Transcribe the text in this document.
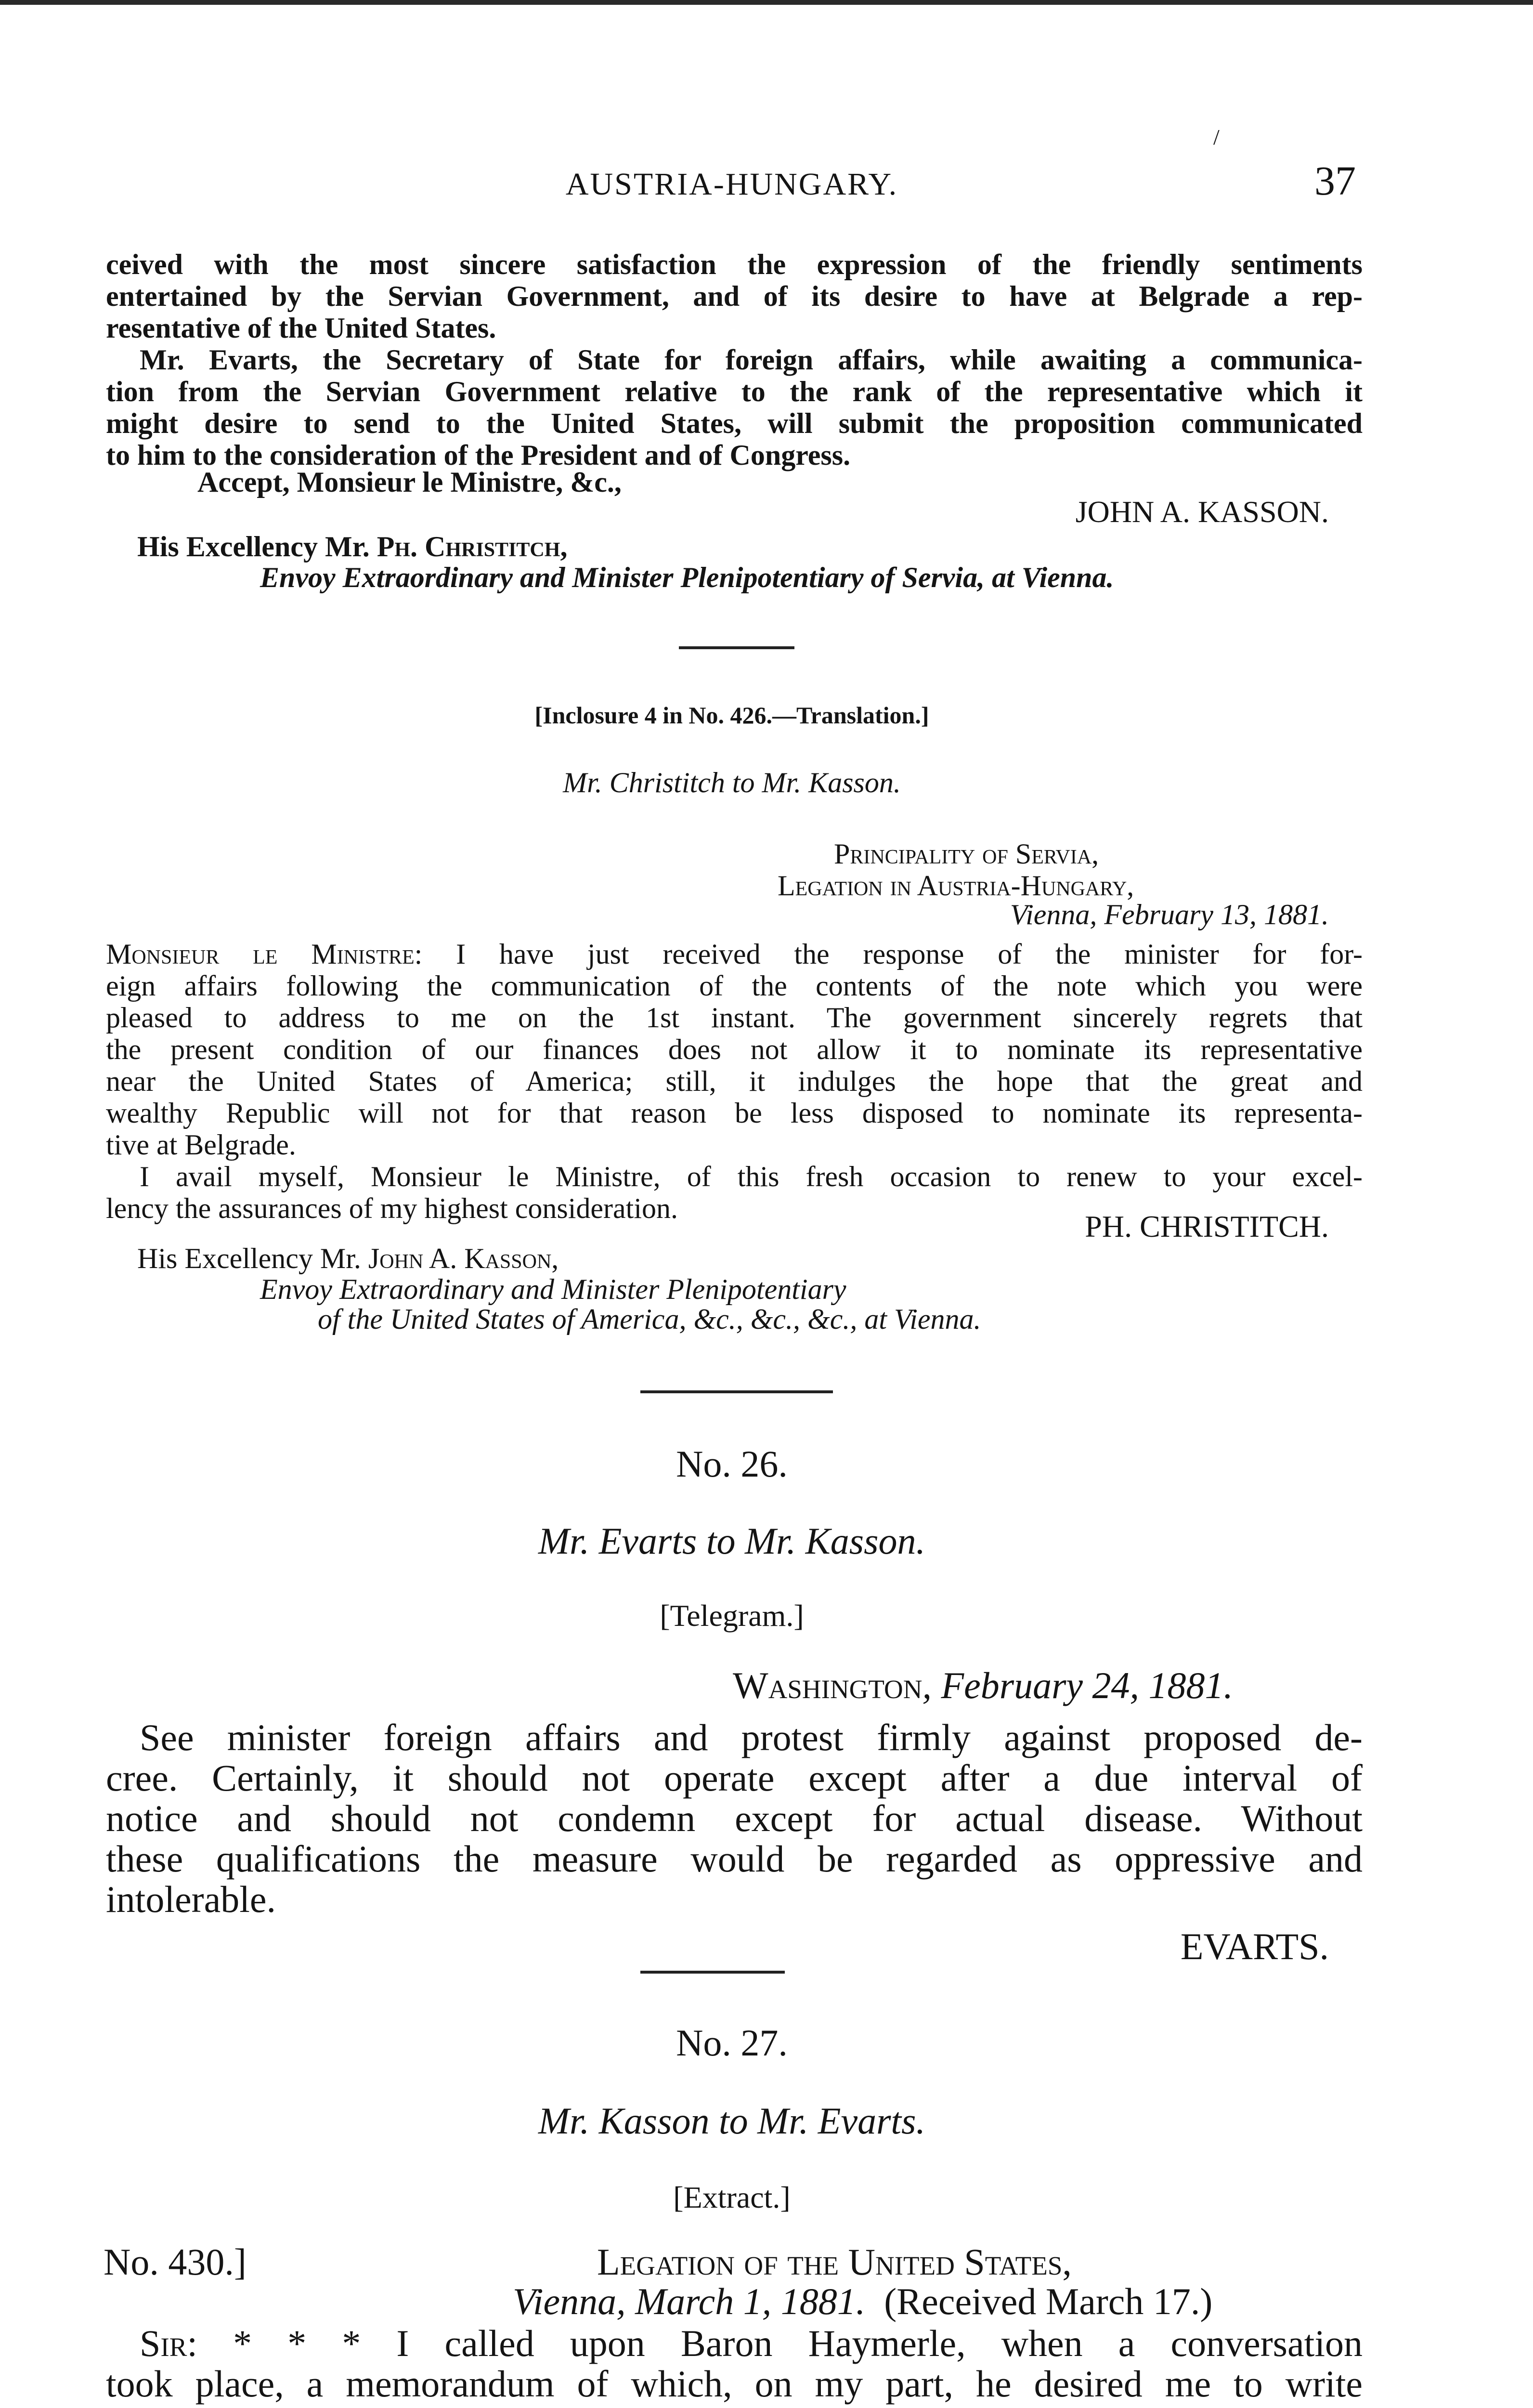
AUSTRIA-HUNGARY.	37
/
ceived with the most sincere satisfaction the expression of the friendly sentiments
entertained by the Servian Government, and of its desire to have at Belgrade a rep-
resentative of the United States.
Mr. Evarts, the Secretary of State for foreign affairs, while awaiting a communica-
tion from the Servian Government relative to the rank of the representative which it
might desire to send to the United States, will submit the proposition communicated
to him to the consideration of the President and of Congress.
Accept, Monsieur le Ministre, &c.,
JOHN A. KASSON.
His Excellency Mr. Ph. Christitch,
Envoy Extraordinary and Minister Plenipotentiary of Servia, at Vienna.
[Inclosure 4 in No. 426.—Translation.]
Mr. Christitch to Mr. Kasson.
Principality of Servia,
Legation in Austria-Hungary,
Vienna, February 13, 1881.
Monsieur le Ministre: I have just received the response of the minister for for-
eign affairs following the communication of the contents of the note which you were
pleased to address to me on the 1st instant. The government sincerely regrets that
the present condition of our finances does not allow it to nominate its representative
near the United States of America; still, it indulges the hope that the great and
wealthy Republic will not for that reason be less disposed to nominate its representa-
tive at Belgrade.
I avail myself, Monsieur le Ministre, of this fresh occasion to renew to your excel-
lency the assurances of my highest consideration.
PH. CHRISTITCH.
His Excellency Mr. John A. Kasson,
Envoy Extraordinary and Minister Plenipotentiary
of the United States of America, &c., &c., &c., at Vienna.
No. 26.
Mr. Evarts to Mr. Kasson.
[Telegram.]
Washington, February 24, 1881.
See minister foreign affairs and protest firmly against proposed de-
cree. Certainly, it should not operate except after a due interval of
notice and should not condemn except for actual disease. Without
these qualifications the measure would be regarded as oppressive and
intolerable.
EVARTS.
No. 27.
Mr. Kasson to Mr. Evarts.
[Extract.]
No. 430.]	Legation of the United States,
Vienna, March 1, 1881. (Received March 17.)
Sir: * * * I called upon Baron Haymerle, when a conversation
took place, a memorandum of which, on my part, he desired me to write
